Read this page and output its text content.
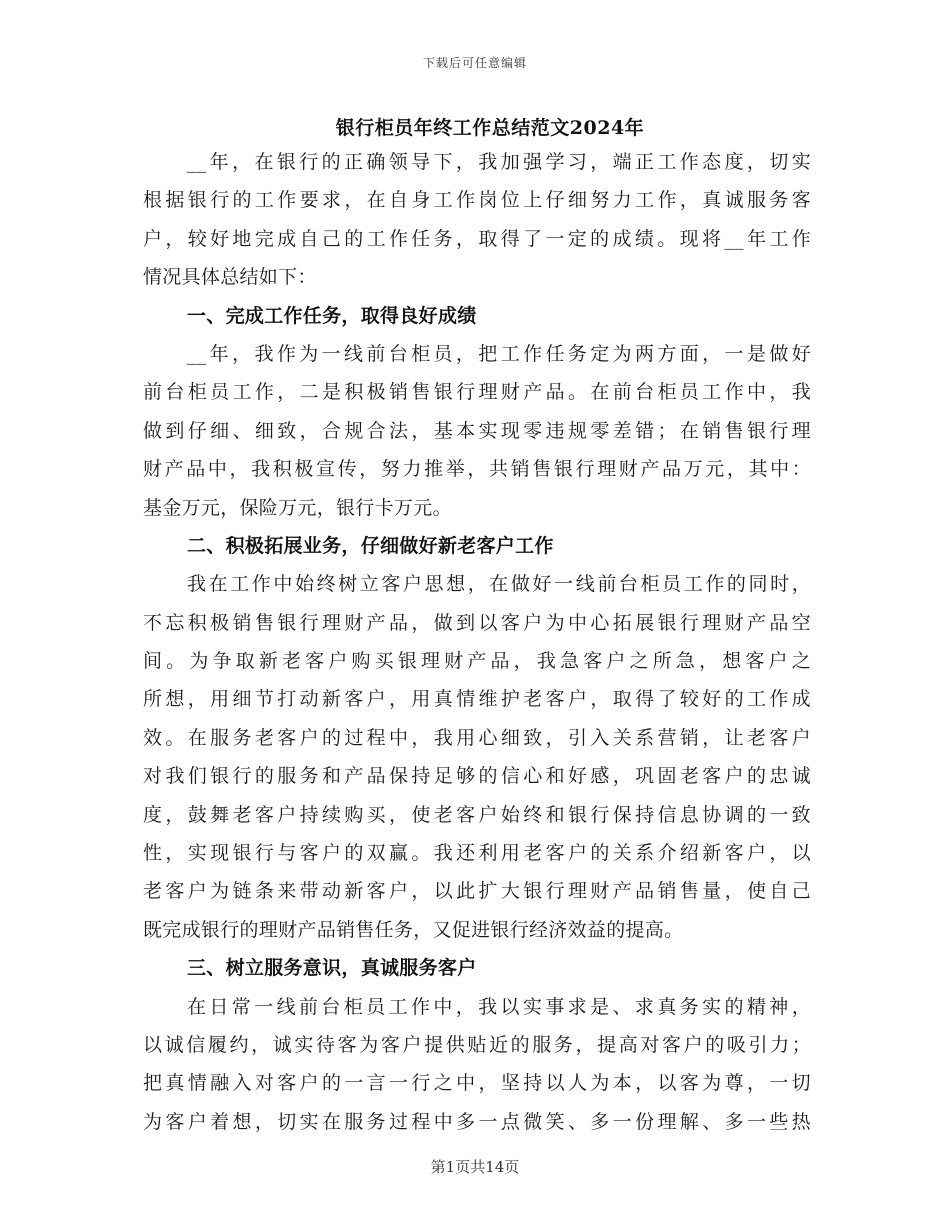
下载后可任意编辑
银行柜员年终工作总结范文2024年
__年，在银行的正确领导下，我加强学习，端正工作态度，切实
根据银行的工作要求，在自身工作岗位上仔细努力工作，真诚服务客
户，较好地完成自己的工作任务，取得了一定的成绩。现将__年工作
情况具体总结如下：
一、完成工作任务，取得良好成绩
__年，我作为一线前台柜员，把工作任务定为两方面，一是做好
前台柜员工作，二是积极销售银行理财产品。在前台柜员工作中，我
做到仔细、细致，合规合法，基本实现零违规零差错；在销售银行理
财产品中，我积极宣传，努力推举，共销售银行理财产品万元，其中：
基金万元，保险万元，银行卡万元。
二、积极拓展业务，仔细做好新老客户工作
我在工作中始终树立客户思想，在做好一线前台柜员工作的同时，
不忘积极销售银行理财产品，做到以客户为中心拓展银行理财产品空
间。为争取新老客户购买银理财产品，我急客户之所急，想客户之
所想，用细节打动新客户，用真情维护老客户，取得了较好的工作成
效。在服务老客户的过程中，我用心细致，引入关系营销，让老客户
对我们银行的服务和产品保持足够的信心和好感，巩固老客户的忠诚
度，鼓舞老客户持续购买，使老客户始终和银行保持信息协调的一致
性，实现银行与客户的双赢。我还利用老客户的关系介绍新客户，以
老客户为链条来带动新客户，以此扩大银行理财产品销售量，使自己
既完成银行的理财产品销售任务，又促进银行经济效益的提高。
三、树立服务意识，真诚服务客户
在日常一线前台柜员工作中，我以实事求是、求真务实的精神，
以诚信履约，诚实待客为客户提供贴近的服务，提高对客户的吸引力；
把真情融入对客户的一言一行之中，坚持以人为本，以客为尊，一切
为客户着想，切实在服务过程中多一点微笑、多一份理解、多一些热
第1页共14页
